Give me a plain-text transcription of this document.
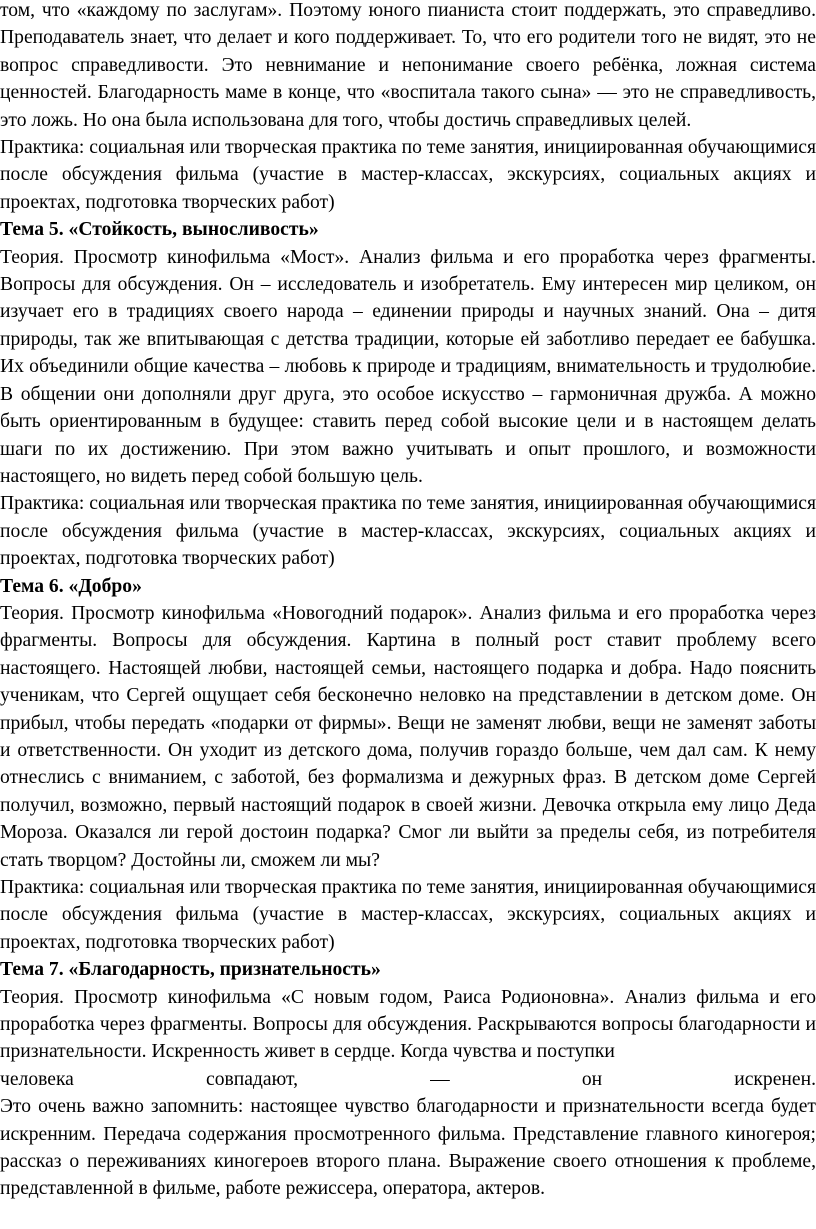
том, что «каждому по заслугам». Поэтому юного пианиста стоит поддержать, это справедливо. Преподаватель знает, что делает и кого поддерживает. То, что его родители того не видят, это не вопрос справедливости. Это невнимание и непонимание своего ребёнка, ложная система ценностей. Благодарность маме в конце, что «воспитала такого сына» — это не справедливость, это ложь. Но она была использована для того, чтобы достичь справедливых целей.

Практика: социальная или творческая практика по теме занятия, инициированная обучающимися после обсуждения фильма (участие в мастер-классах, экскурсиях, социальных акциях и проектах, подготовка творческих работ)

Тема 5. «Стойкость, выносливость»

Теория. Просмотр кинофильма «Мост». Анализ фильма и его проработка через фрагменты. Вопросы для обсуждения. Он – исследователь и изобретатель. Ему интересен мир целиком, он изучает его в традициях своего народа – единении природы и научных знаний. Она – дитя природы, так же впитывающая с детства традиции, которые ей заботливо передает ее бабушка. Их объединили общие качества – любовь к природе и традициям, внимательность и трудолюбие. В общении они дополняли друг друга, это особое искусство – гармоничная дружба. А можно быть ориентированным в будущее: ставить перед собой высокие цели и в настоящем делать шаги по их достижению. При этом важно учитывать и опыт прошлого, и возможности настоящего, но видеть перед собой большую цель.

Практика: социальная или творческая практика по теме занятия, инициированная обучающимися после обсуждения фильма (участие в мастер-классах, экскурсиях, социальных акциях и проектах, подготовка творческих работ)

Тема 6. «Добро»

Теория. Просмотр кинофильма «Новогодний подарок». Анализ фильма и его проработка через фрагменты. Вопросы для обсуждения. Картина в полный рост ставит проблему всего настоящего. Настоящей любви, настоящей семьи, настоящего подарка и добра. Надо пояснить ученикам, что Сергей ощущает себя бесконечно неловко на представлении в детском доме. Он прибыл, чтобы передать «подарки от фирмы». Вещи не заменят любви, вещи не заменят заботы и ответственности. Он уходит из детского дома, получив гораздо больше, чем дал сам. К нему отнеслись с вниманием, с заботой, без формализма и дежурных фраз. В детском доме Сергей получил, возможно, первый настоящий подарок в своей жизни. Девочка открыла ему лицо Деда Мороза. Оказался ли герой достоин подарка? Смог ли выйти за пределы себя, из потребителя стать творцом? Достойны ли, сможем ли мы?

Практика: социальная или творческая практика по теме занятия, инициированная обучающимися после обсуждения фильма (участие в мастер-классах, экскурсиях, социальных акциях и проектах, подготовка творческих работ)

Тема 7. «Благодарность, признательность»

Теория. Просмотр кинофильма «С новым годом, Раиса Родионовна». Анализ фильма и его проработка через фрагменты. Вопросы для обсуждения. Раскрываются вопросы благодарности и признательности. Искренность живет в сердце. Когда чувства и поступки

человека совпадают, — он искренен.

Это очень важно запомнить: настоящее чувство благодарности и признательности всегда будет искренним. Передача содержания просмотренного фильма. Представление главного киногероя; рассказ о переживаниях киногероев второго плана. Выражение своего отношения к проблеме, представленной в фильме, работе режиссера, оператора, актеров.
